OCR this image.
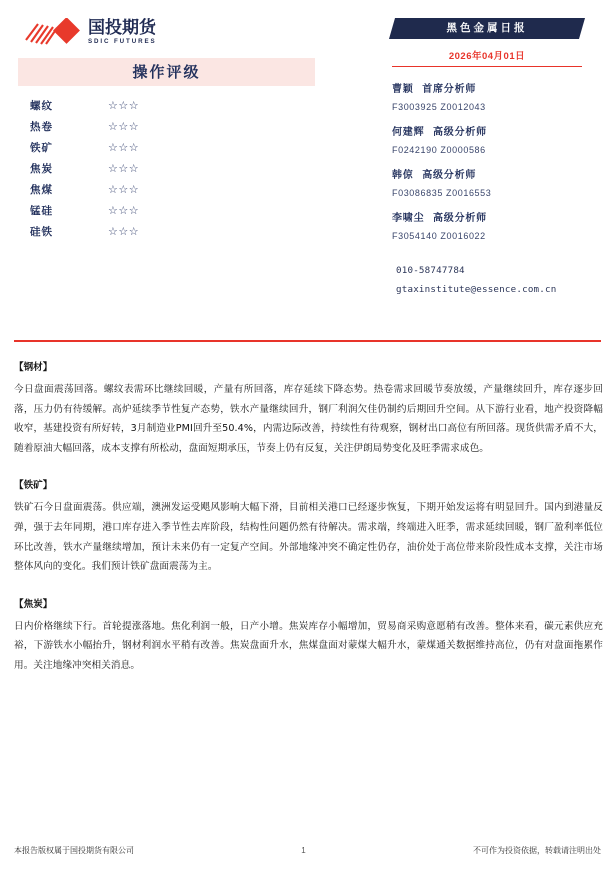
国投期货
SDIC FUTURES
操作评级
螺纹	☆☆☆
热卷	☆☆☆
铁矿	☆☆☆
焦炭	☆☆☆
焦煤	☆☆☆
锰硅	☆☆☆
硅铁	☆☆☆
黑色金属日报
2026年04月01日
曹颖 首席分析师
F3003925 Z0012043
何建辉 高级分析师
F0242190 Z0000586
韩倞 高级分析师
F03086835 Z0016553
李啸尘 高级分析师
F3054140 Z0016022
010-58747784
gtaxinstitute@essence.com.cn
【钢材】
今日盘面震荡回落。螺纹表需环比继续回暖，产量有所回落，库存延续下降态势。热卷需求回暖节奏放缓，产量继续回升，库存逐步回落，压力仍有待缓解。高炉延续季节性复产态势，铁水产量继续回升，钢厂利润欠佳仍制约后期回升空间。从下游行业看，地产投资降幅收窄，基建投资有所好转，3月制造业PMI回升至50.4%，内需边际改善，持续性有待观察，钢材出口高位有所回落。现货供需矛盾不大，随着原油大幅回落，成本支撑有所松动，盘面短期承压，节奏上仍有反复，关注伊朗局势变化及旺季需求成色。
【铁矿】
铁矿石今日盘面震荡。供应端，澳洲发运受飓风影响大幅下滑，目前相关港口已经逐步恢复，下期开始发运将有明显回升。国内到港量反弹，强于去年同期，港口库存进入季节性去库阶段，结构性问题仍然有待解决。需求端，终端进入旺季，需求延续回暖，钢厂盈利率低位环比改善，铁水产量继续增加，预计未来仍有一定复产空间。外部地缘冲突不确定性仍存，油价处于高位带来阶段性成本支撑，关注市场整体风向的变化。我们预计铁矿盘面震荡为主。
【焦炭】
日内价格继续下行。首轮提涨落地。焦化利润一般，日产小增。焦炭库存小幅增加，贸易商采购意愿稍有改善。整体来看，碳元素供应充裕，下游铁水小幅抬升，钢材利润水平稍有改善。焦炭盘面升水，焦煤盘面对蒙煤大幅升水，蒙煤通关数据维持高位，仍有对盘面拖累作用。关注地缘冲突相关消息。
本报告版权属于国投期货有限公司	1	不可作为投资依据，转载请注明出处
